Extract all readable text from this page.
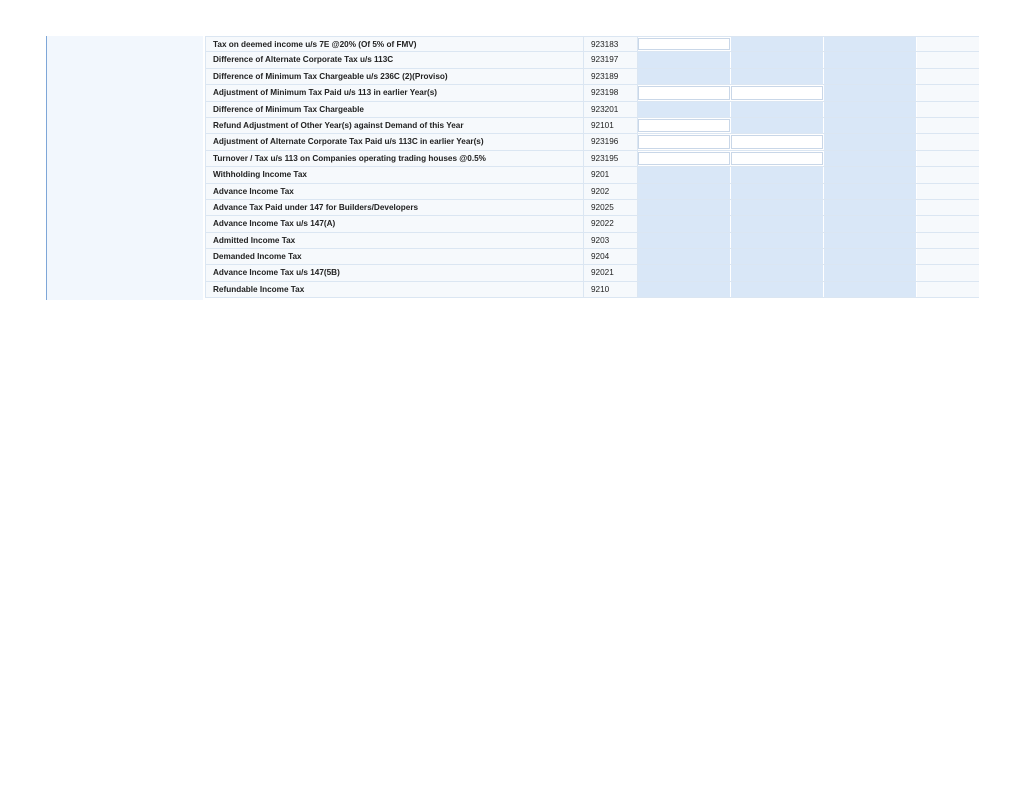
Tax on deemed income u/s 7E @20% (Of 5% of FMV)	923183
Difference of Alternate Corporate Tax u/s 113C	923197
Difference of Minimum Tax Chargeable u/s 236C (2)(Proviso)	923189
Adjustment of Minimum Tax Paid u/s 113 in earlier Year(s)	923198
Difference of Minimum Tax Chargeable	923201
Refund Adjustment of Other Year(s) against Demand of this Year	92101
Adjustment of Alternate Corporate Tax Paid u/s 113C in earlier Year(s)	923196
Turnover / Tax u/s 113 on Companies operating trading houses @0.5%	923195
Withholding Income Tax	9201
Advance Income Tax	9202
Advance Tax Paid under 147 for Builders/Developers	92025
Advance Income Tax u/s 147(A)	92022
Admitted Income Tax	9203
Demanded Income Tax	9204
Advance Income Tax u/s 147(5B)	92021
Refundable Income Tax	9210
